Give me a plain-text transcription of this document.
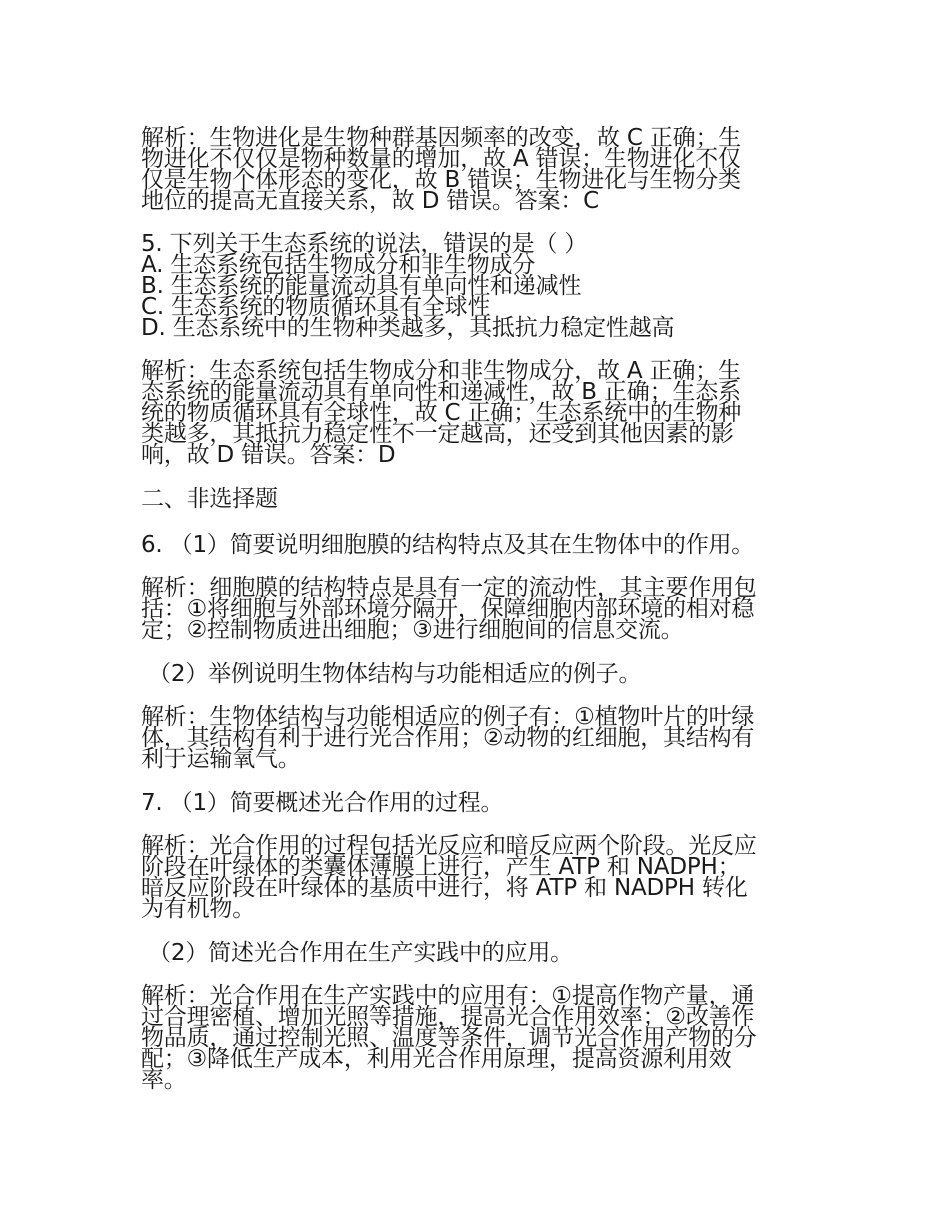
解析：生物进化是生物种群基因频率的改变，故 C 正确；生
物进化不仅仅是物种数量的增加，故 A 错误；生物进化不仅
仅是生物个体形态的变化，故 B 错误；生物进化与生物分类
地位的提高无直接关系，故 D 错误。答案：C
5. 下列关于生态系统的说法，错误的是（ ）
A. 生态系统包括生物成分和非生物成分
B. 生态系统的能量流动具有单向性和递减性
C. 生态系统的物质循环具有全球性
D. 生态系统中的生物种类越多，其抵抗力稳定性越高
解析：生态系统包括生物成分和非生物成分，故 A 正确；生
态系统的能量流动具有单向性和递减性，故 B 正确；生态系
统的物质循环具有全球性，故 C 正确；生态系统中的生物种
类越多，其抵抗力稳定性不一定越高，还受到其他因素的影
响，故 D 错误。答案：D
二、非选择题
6. （1）简要说明细胞膜的结构特点及其在生物体中的作用。
解析：细胞膜的结构特点是具有一定的流动性，其主要作用包
括：①将细胞与外部环境分隔开，保障细胞内部环境的相对稳
定；②控制物质进出细胞；③进行细胞间的信息交流。
（2）举例说明生物体结构与功能相适应的例子。
解析：生物体结构与功能相适应的例子有：①植物叶片的叶绿
体，其结构有利于进行光合作用；②动物的红细胞，其结构有
利于运输氧气。
7. （1）简要概述光合作用的过程。
解析：光合作用的过程包括光反应和暗反应两个阶段。光反应
阶段在叶绿体的类囊体薄膜上进行，产生 ATP 和 NADPH；
暗反应阶段在叶绿体的基质中进行，将 ATP 和 NADPH 转化
为有机物。
（2）简述光合作用在生产实践中的应用。
解析：光合作用在生产实践中的应用有：①提高作物产量，通
过合理密植、增加光照等措施，提高光合作用效率；②改善作
物品质，通过控制光照、温度等条件，调节光合作用产物的分
配；③降低生产成本，利用光合作用原理，提高资源利用效
率。
